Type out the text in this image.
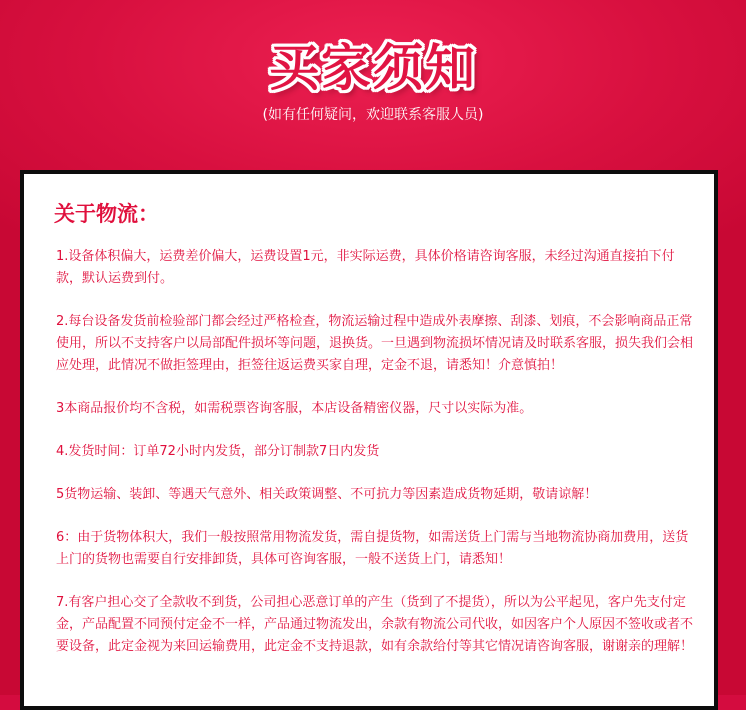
买家须知
(如有任何疑问，欢迎联系客服人员)
关于物流：

1.设备体积偏大，运费差价偏大，运费设置1元，非实际运费，具体价格请咨询客服，未经过沟通直接拍下付款，默认运费到付。

2.每台设备发货前检验部门都会经过严格检查，物流运输过程中造成外表摩擦、刮漆、划痕，不会影响商品正常使用，所以不支持客户以局部配件损坏等问题，退换货。一旦遇到物流损坏情况请及时联系客服，损失我们会相应处理，此情况不做拒签理由，拒签往返运费买家自理，定金不退，请悉知！介意慎拍！

3本商品报价均不含税，如需税票咨询客服，本店设备精密仪器，尺寸以实际为准。

4.发货时间：订单72小时内发货，部分订制款7日内发货

5货物运输、装卸、等遇天气意外、相关政策调整、不可抗力等因素造成货物延期，敬请谅解！

6：由于货物体积大，我们一般按照常用物流发货，需自提货物，如需送货上门需与当地物流协商加费用，送货上门的货物也需要自行安排卸货，具体可咨询客服，一般不送货上门，请悉知！

7.有客户担心交了全款收不到货，公司担心恶意订单的产生（货到了不提货），所以为公平起见，客户先支付定金，产品配置不同预付定金不一样，产品通过物流发出，余款有物流公司代收，如因客户个人原因不签收或者不要设备，此定金视为来回运输费用，此定金不支持退款，如有余款给付等其它情况请咨询客服，谢谢亲的理解！
